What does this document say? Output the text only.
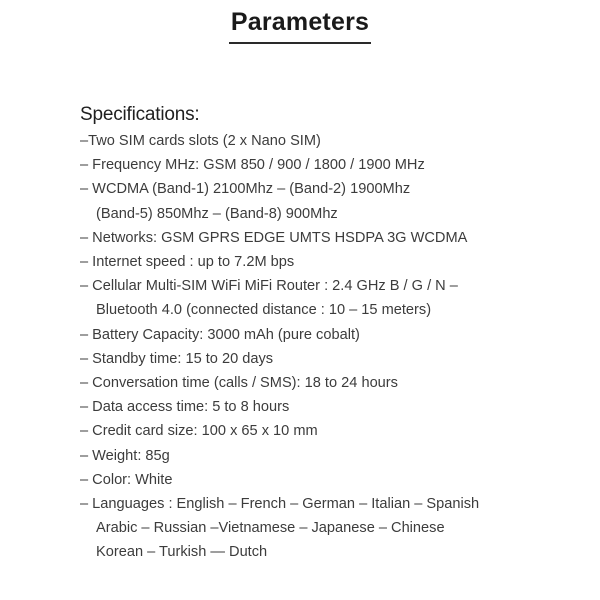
Parameters
Specifications:
–Two SIM cards slots (2 x Nano SIM)
– Frequency MHz: GSM 850 / 900 / 1800 / 1900 MHz
– WCDMA (Band-1) 2100Mhz – (Band-2) 1900Mhz
(Band-5) 850Mhz – (Band-8) 900Mhz
– Networks: GSM GPRS EDGE UMTS HSDPA 3G WCDMA
– Internet speed : up to 7.2M bps
– Cellular Multi-SIM WiFi MiFi Router : 2.4 GHz B / G / N –
Bluetooth 4.0 (connected distance : 10 – 15 meters)
– Battery Capacity: 3000 mAh (pure cobalt)
– Standby time: 15 to 20 days
– Conversation time (calls / SMS): 18 to 24 hours
– Data access time: 5 to 8 hours
– Credit card size: 100 x 65 x 10 mm
– Weight: 85g
– Color: White
– Languages : English – French – German – Italian – Spanish
Arabic – Russian –Vietnamese – Japanese – Chinese
Korean – Turkish — Dutch
